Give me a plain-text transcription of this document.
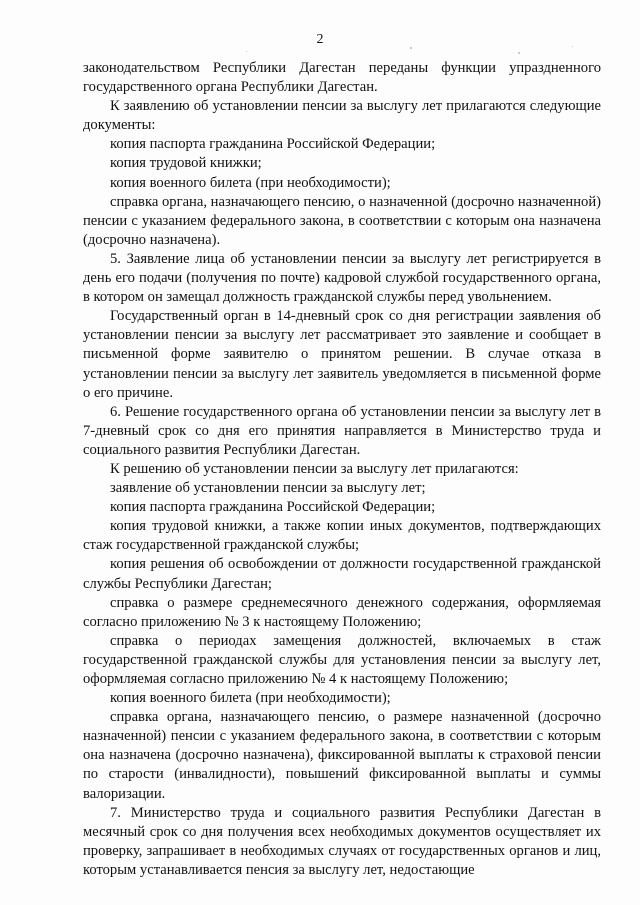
2

законодательством Республики Дагестан переданы функции упраздненного государственного органа Республики Дагестан.

К заявлению об установлении пенсии за выслугу лет прилагаются следующие документы:

копия паспорта гражданина Российской Федерации;

копия трудовой книжки;

копия военного билета (при необходимости);

справка органа, назначающего пенсию, о назначенной (досрочно назначенной) пенсии с указанием федерального закона, в соответствии с которым она назначена (досрочно назначена).

5. Заявление лица об установлении пенсии за выслугу лет регистрируется в день его подачи (получения по почте) кадровой службой государственного органа, в котором он замещал должность гражданской службы перед увольнением.

Государственный орган в 14-дневный срок со дня регистрации заявления об установлении пенсии за выслугу лет рассматривает это заявление и сообщает в письменной форме заявителю о принятом решении. В случае отказа в установлении пенсии за выслугу лет заявитель уведомляется в письменной форме о его причине.

6. Решение государственного органа об установлении пенсии за выслугу лет в 7-дневный срок со дня его принятия направляется в Министерство труда и социального развития Республики Дагестан.

К решению об установлении пенсии за выслугу лет прилагаются:

заявление об установлении пенсии за выслугу лет;

копия паспорта гражданина Российской Федерации;

копия трудовой книжки, а также копии иных документов, подтверждающих стаж государственной гражданской службы;

копия решения об освобождении от должности государственной гражданской службы Республики Дагестан;

справка о размере среднемесячного денежного содержания, оформляемая согласно приложению № 3 к настоящему Положению;

справка о периодах замещения должностей, включаемых в стаж государственной гражданской службы для установления пенсии за выслугу лет, оформляемая согласно приложению № 4 к настоящему Положению;

копия военного билета (при необходимости);

справка органа, назначающего пенсию, о размере назначенной (досрочно назначенной) пенсии с указанием федерального закона, в соответствии с которым она назначена (досрочно назначена), фиксированной выплаты к страховой пенсии по старости (инвалидности), повышений фиксированной выплаты и суммы валоризации.

7. Министерство труда и социального развития Республики Дагестан в месячный срок со дня получения всех необходимых документов осуществляет их проверку, запрашивает в необходимых случаях от государственных органов и лиц, которым устанавливается пенсия за выслугу лет, недостающие
